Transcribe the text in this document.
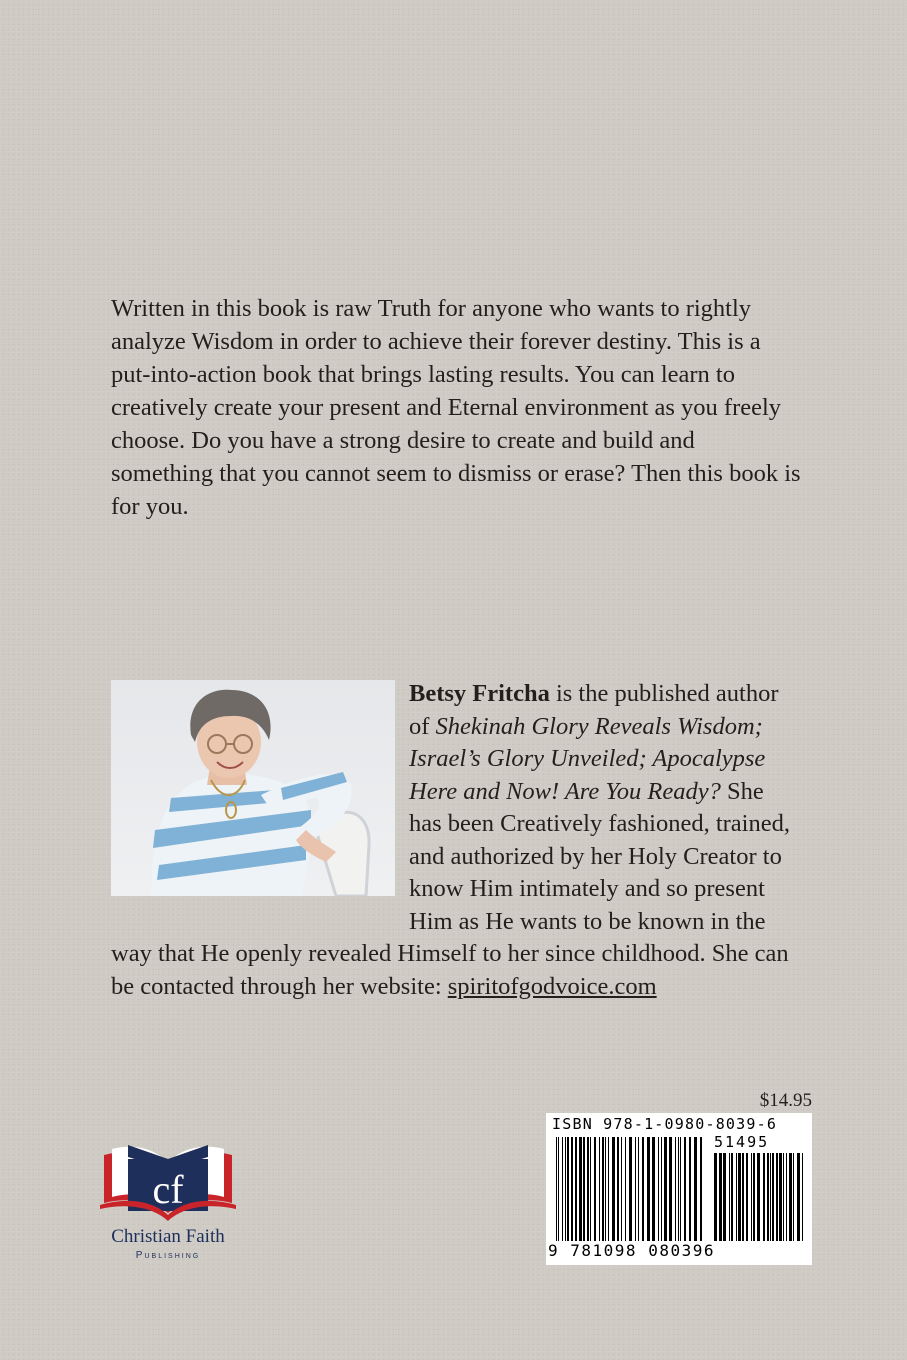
Written in this book is raw Truth for anyone who wants to rightly analyze Wisdom in order to achieve their forever destiny. This is a put-into-action book that brings lasting results. You can learn to creatively create your present and Eternal environment as you freely choose. Do you have a strong desire to create and build and something that you cannot seem to dismiss or erase? Then this book is for you.

Betsy Fritcha is the published author of Shekinah Glory Reveals Wisdom; Israel’s Glory Unveiled; Apocalypse Here and Now! Are You Ready? She has been Creatively fashioned, trained, and authorized by her Holy Creator to know Him intimately and so present Him as He wants to be known in the way that He openly revealed Himself to her since childhood. She can be contacted through her website: spiritofgodvoice.com

$14.95
ISBN 978-1-0980-8039-6
51495
9 781098 080396
cf
Christian Faith
Publishing
